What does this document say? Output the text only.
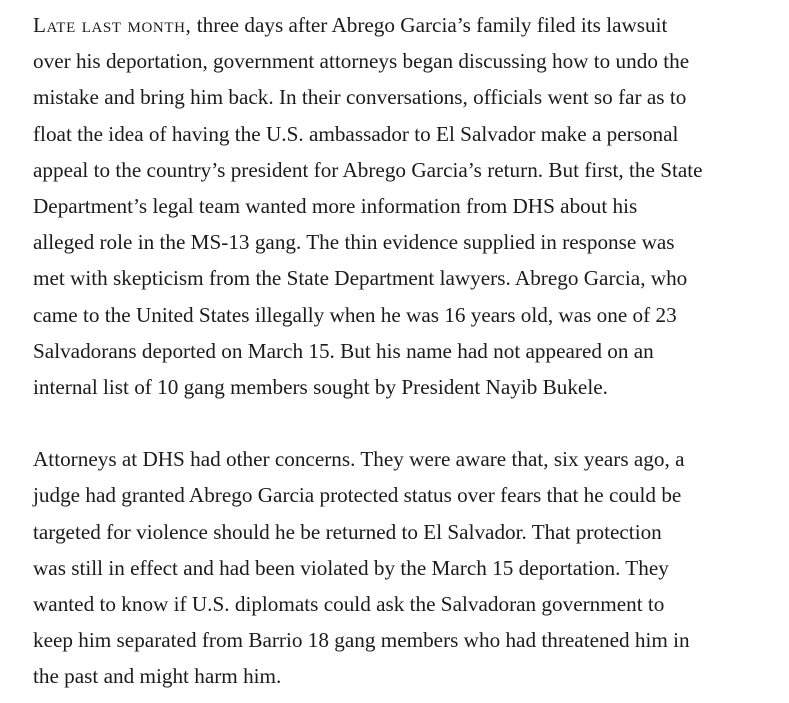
Late last month, three days after Abrego Garcia’s family filed its lawsuit
over his deportation, government attorneys began discussing how to undo the
mistake and bring him back. In their conversations, officials went so far as to
float the idea of having the U.S. ambassador to El Salvador make a personal
appeal to the country’s president for Abrego Garcia’s return. But first, the State
Department’s legal team wanted more information from DHS about his
alleged role in the MS-13 gang. The thin evidence supplied in response was
met with skepticism from the State Department lawyers. Abrego Garcia, who
came to the United States illegally when he was 16 years old, was one of 23
Salvadorans deported on March 15. But his name had not appeared on an
internal list of 10 gang members sought by President Nayib Bukele.

Attorneys at DHS had other concerns. They were aware that, six years ago, a
judge had granted Abrego Garcia protected status over fears that he could be
targeted for violence should he be returned to El Salvador. That protection
was still in effect and had been violated by the March 15 deportation. They
wanted to know if U.S. diplomats could ask the Salvadoran government to
keep him separated from Barrio 18 gang members who had threatened him in
the past and might harm him.
